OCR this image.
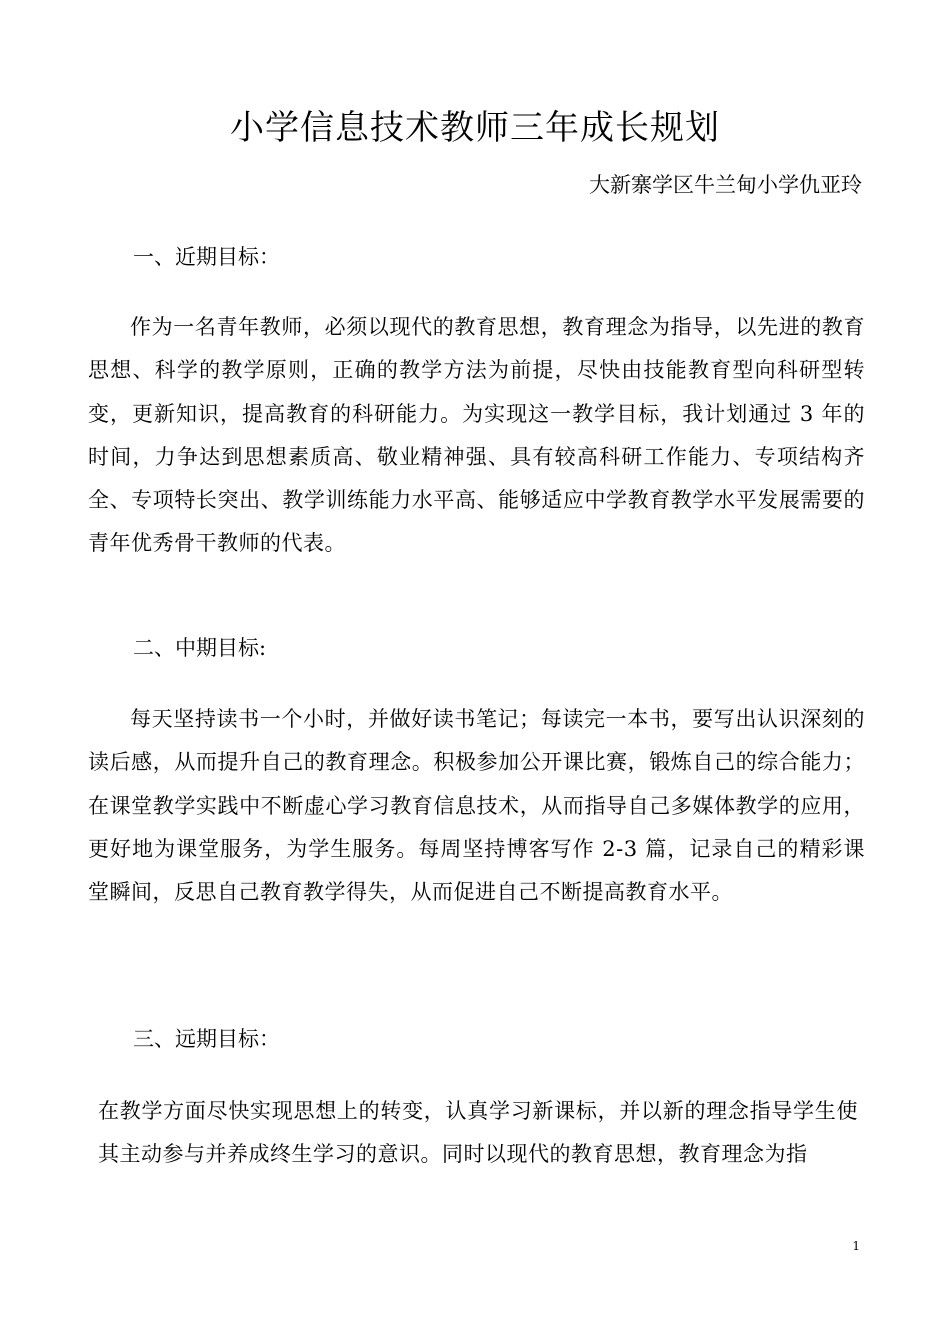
小学信息技术教师三年成长规划
大新寨学区牛兰甸小学仇亚玲
一、近期目标：

作为一名青年教师，必须以现代的教育思想，教育理念为指导，以先进的教育思想、科学的教学原则，正确的教学方法为前提，尽快由技能教育型向科研型转变，更新知识，提高教育的科研能力。为实现这一教学目标，我计划通过 3 年的时间，力争达到思想素质高、敬业精神强、具有较高科研工作能力、专项结构齐全、专项特长突出、教学训练能力水平高、能够适应中学教育教学水平发展需要的青年优秀骨干教师的代表。

二、中期目标:

每天坚持读书一个小时，并做好读书笔记；每读完一本书，要写出认识深刻的读后感，从而提升自己的教育理念。积极参加公开课比赛，锻炼自己的综合能力；在课堂教学实践中不断虚心学习教育信息技术，从而指导自己多媒体教学的应用，更好地为课堂服务，为学生服务。每周坚持博客写作 2-3 篇，记录自己的精彩课堂瞬间，反思自己教育教学得失，从而促进自己不断提高教育水平。

三、远期目标：

在教学方面尽快实现思想上的转变，认真学习新课标，并以新的理念指导学生使其主动参与并养成终生学习的意识。同时以现代的教育思想，教育理念为指

1
